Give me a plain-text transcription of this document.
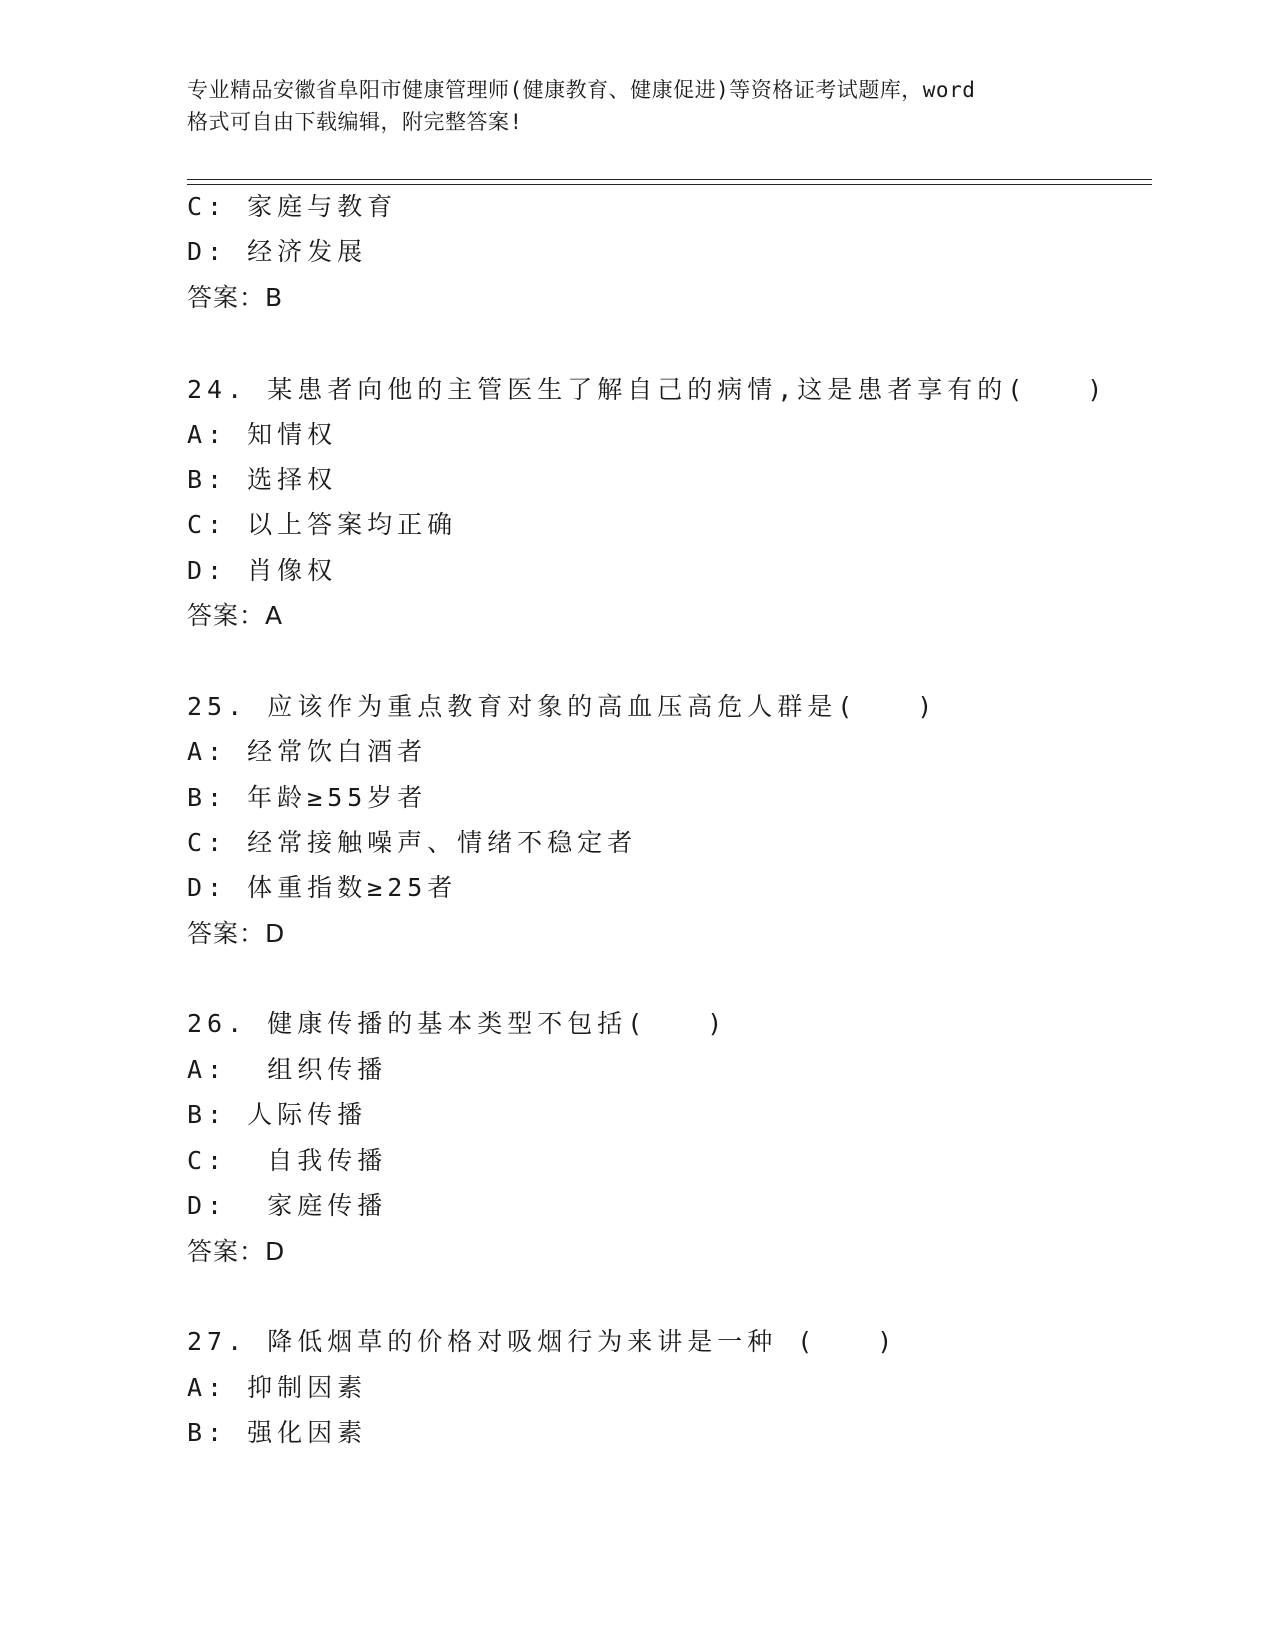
专业精品安徽省阜阳市健康管理师(健康教育、健康促进)等资格证考试题库，word
格式可自由下载编辑，附完整答案!
C: 家庭与教育
D: 经济发展
答案：B
24. 某患者向他的主管医生了解自己的病情,这是患者享有的(　　)
A: 知情权
B: 选择权
C: 以上答案均正确
D: 肖像权
答案：A
25. 应该作为重点教育对象的高血压高危人群是(　　)
A: 经常饮白酒者
B: 年龄≥55岁者
C: 经常接触噪声、情绪不稳定者
D: 体重指数≥25者
答案：D
26. 健康传播的基本类型不包括(　　)
A:  组织传播
B: 人际传播
C:  自我传播
D:  家庭传播
答案：D
27. 降低烟草的价格对吸烟行为来讲是一种 (　　)
A: 抑制因素
B: 强化因素
